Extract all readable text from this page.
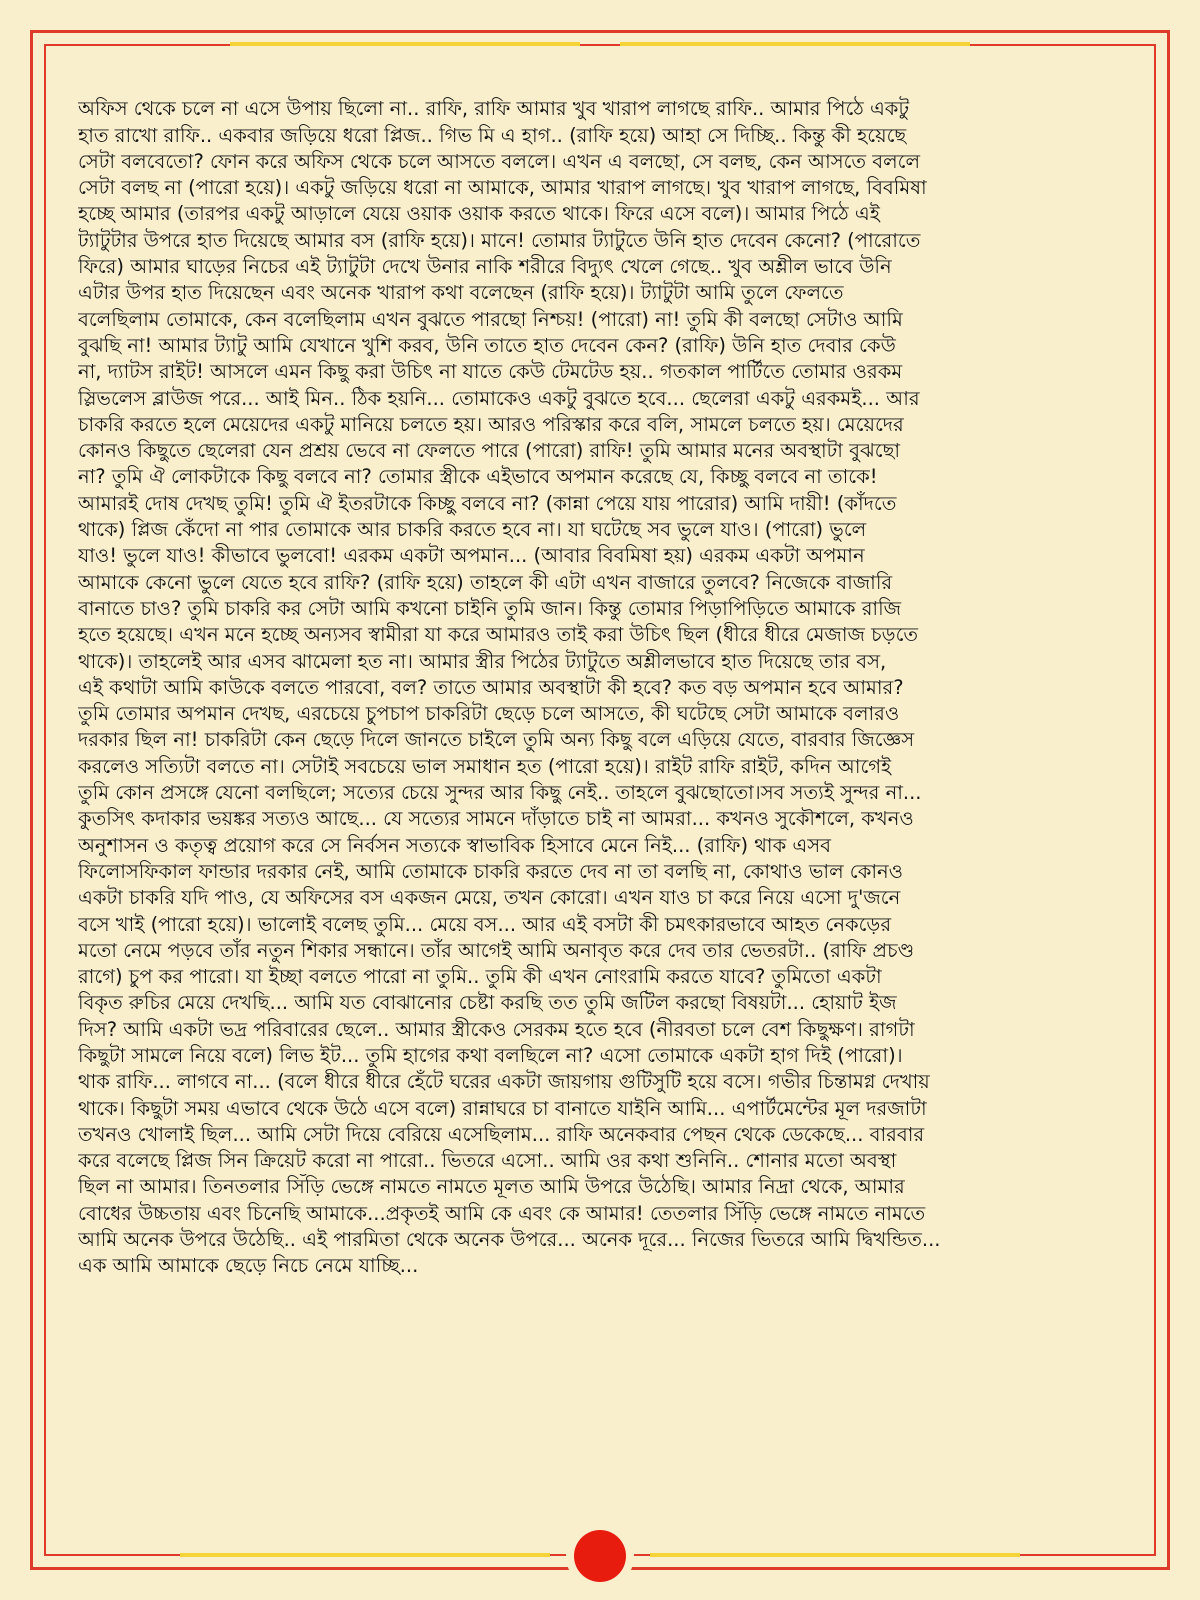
অফিস থেকে চলে না এসে উপায় ছিলো না.. রাফি, রাফি আমার খুব খারাপ লাগছে রাফি.. আমার পিঠে একটু
হাত রাখো রাফি.. একবার জড়িয়ে ধরো প্লিজ.. গিভ মি এ হাগ.. (রাফি হয়ে) আহা সে দিচ্ছি.. কিন্তু কী হয়েছে
সেটা বলবেতো? ফোন করে অফিস থেকে চলে আসতে বললে। এখন এ বলছো, সে বলছ, কেন আসতে বললে
সেটা বলছ না (পারো হয়ে)। একটু জড়িয়ে ধরো না আমাকে, আমার খারাপ লাগছে। খুব খারাপ লাগছে, বিবমিষা
হচ্ছে আমার (তারপর একটু আড়ালে যেয়ে ওয়াক ওয়াক করতে থাকে। ফিরে এসে বলে)। আমার পিঠে এই
ট্যাটুটার উপরে হাত দিয়েছে আমার বস (রাফি হয়ে)। মানে! তোমার ট্যাটুতে উনি হাত দেবেন কেনো? (পারোতে
ফিরে) আমার ঘাড়ের নিচের এই ট্যাটুটা দেখে উনার নাকি শরীরে বিদ্যুৎ খেলে গেছে.. খুব অশ্লীল ভাবে উনি
এটার উপর হাত দিয়েছেন এবং অনেক খারাপ কথা বলেছেন (রাফি হয়ে)। ট্যাটুটা আমি তুলে ফেলতে
বলেছিলাম তোমাকে, কেন বলেছিলাম এখন বুঝতে পারছো নিশ্চয়! (পারো) না! তুমি কী বলছো সেটাও আমি
বুঝছি না! আমার ট্যাটু আমি যেখানে খুশি করব, উনি তাতে হাত দেবেন কেন? (রাফি) উনি হাত দেবার কেউ
না, দ্যাটস রাইট! আসলে এমন কিছু করা উচিৎ না যাতে কেউ টেমটেড হয়.. গতকাল পার্টিতে তোমার ওরকম
স্লিভলেস ব্লাউজ পরে... আই মিন.. ঠিক হয়নি... তোমাকেও একটু বুঝতে হবে... ছেলেরা একটু এরকমই... আর
চাকরি করতে হলে মেয়েদের একটু মানিয়ে চলতে হয়। আরও পরিস্কার করে বলি, সামলে চলতে হয়। মেয়েদের
কোনও কিছুতে ছেলেরা যেন প্রশ্রয় ভেবে না ফেলতে পারে (পারো) রাফি! তুমি আমার মনের অবস্থাটা বুঝছো
না? তুমি ঐ লোকটাকে কিছু বলবে না? তোমার স্ত্রীকে এইভাবে অপমান করেছে যে, কিচ্ছু বলবে না তাকে!
আমারই দোষ দেখছ তুমি! তুমি ঐ ইতরটাকে কিচ্ছু বলবে না? (কান্না পেয়ে যায় পারোর) আমি দায়ী! (কাঁদতে
থাকে) প্লিজ কেঁদো না পার তোমাকে আর চাকরি করতে হবে না। যা ঘটেছে সব ভুলে যাও। (পারো) ভুলে
যাও! ভুলে যাও! কীভাবে ভুলবো! এরকম একটা অপমান... (আবার বিবমিষা হয়) এরকম একটা অপমান
আমাকে কেনো ভুলে যেতে হবে রাফি? (রাফি হয়ে) তাহলে কী এটা এখন বাজারে তুলবে? নিজেকে বাজারি
বানাতে চাও? তুমি চাকরি কর সেটা আমি কখনো চাইনি তুমি জান। কিন্তু তোমার পিড়াপিড়িতে আমাকে রাজি
হতে হয়েছে। এখন মনে হচ্ছে অন্যসব স্বামীরা যা করে আমারও তাই করা উচিৎ ছিল (ধীরে ধীরে মেজাজ চড়তে
থাকে)। তাহলেই আর এসব ঝামেলা হত না। আমার স্ত্রীর পিঠের ট্যাটুতে অশ্লীলভাবে হাত দিয়েছে তার বস,
এই কথাটা আমি কাউকে বলতে পারবো, বল? তাতে আমার অবস্থাটা কী হবে? কত বড় অপমান হবে আমার?
তুমি তোমার অপমান দেখছ, এরচেয়ে চুপচাপ চাকরিটা ছেড়ে চলে আসতে, কী ঘটেছে সেটা আমাকে বলারও
দরকার ছিল না! চাকরিটা কেন ছেড়ে দিলে জানতে চাইলে তুমি অন্য কিছু বলে এড়িয়ে যেতে, বারবার জিজ্ঞেস
করলেও সত্যিটা বলতে না। সেটাই সবচেয়ে ভাল সমাধান হত (পারো হয়ে)। রাইট রাফি রাইট, কদিন আগেই
তুমি কোন প্রসঙ্গে যেনো বলছিলে; সত্যের চেয়ে সুন্দর আর কিছু নেই.. তাহলে বুঝছোতো।সব সত্যই সুন্দর না...
কুতসিৎ কদাকার ভয়ঙ্কর সত্যও আছে... যে সত্যের সামনে দাঁড়াতে চাই না আমরা... কখনও সুকৌশলে, কখনও
অনুশাসন ও কতৃত্ব প্রয়োগ করে সে নির্বসন সত্যকে স্বাভাবিক হিসাবে মেনে নিই... (রাফি) থাক এসব
ফিলোসফিকাল ফান্ডার দরকার নেই, আমি তোমাকে চাকরি করতে দেব না তা বলছি না, কোথাও ভাল কোনও
একটা চাকরি যদি পাও, যে অফিসের বস একজন মেয়ে, তখন কোরো। এখন যাও চা করে নিয়ে এসো দু'জনে
বসে খাই (পারো হয়ে)। ভালোই বলেছ তুমি... মেয়ে বস... আর এই বসটা কী চমৎকারভাবে আহত নেকড়ের
মতো নেমে পড়বে তাঁর নতুন শিকার সন্ধানে। তাঁর আগেই আমি অনাবৃত করে দেব তার ভেতরটা.. (রাফি প্রচণ্ড
রাগে) চুপ কর পারো। যা ইচ্ছা বলতে পারো না তুমি.. তুমি কী এখন নোংরামি করতে যাবে? তুমিতো একটা
বিকৃত রুচির মেয়ে দেখছি... আমি যত বোঝানোর চেষ্টা করছি তত তুমি জটিল করছো বিষয়টা... হোয়াট ইজ
দিস? আমি একটা ভদ্র পরিবারের ছেলে.. আমার স্ত্রীকেও সেরকম হতে হবে (নীরবতা চলে বেশ কিছুক্ষণ। রাগটা
কিছুটা সামলে নিয়ে বলে) লিভ ইট... তুমি হাগের কথা বলছিলে না? এসো তোমাকে একটা হাগ দিই (পারো)।
থাক রাফি... লাগবে না... (বলে ধীরে ধীরে হেঁটে ঘরের একটা জায়গায় গুটিসুটি হয়ে বসে। গভীর চিন্তামগ্ন দেখায়
থাকে। কিছুটা সময় এভাবে থেকে উঠে এসে বলে) রান্নাঘরে চা বানাতে যাইনি আমি... এপার্টমেন্টের মূল দরজাটা
তখনও খোলাই ছিল... আমি সেটা দিয়ে বেরিয়ে এসেছিলাম... রাফি অনেকবার পেছন থেকে ডেকেছে... বারবার
করে বলেছে প্লিজ সিন ক্রিয়েট করো না পারো.. ভিতরে এসো.. আমি ওর কথা শুনিনি.. শোনার মতো অবস্থা
ছিল না আমার। তিনতলার সিঁড়ি ভেঙ্গে নামতে নামতে মূলত আমি উপরে উঠেছি। আমার নিদ্রা থেকে, আমার
বোধের উচ্চতায় এবং চিনেছি আমাকে...প্রকৃতই আমি কে এবং কে আমার! তেতলার সিঁড়ি ভেঙ্গে নামতে নামতে
আমি অনেক উপরে উঠেছি.. এই পারমিতা থেকে অনেক উপরে... অনেক দূরে... নিজের ভিতরে আমি দ্বিখন্ডিত...
এক আমি আমাকে ছেড়ে নিচে নেমে যাচ্ছি...
